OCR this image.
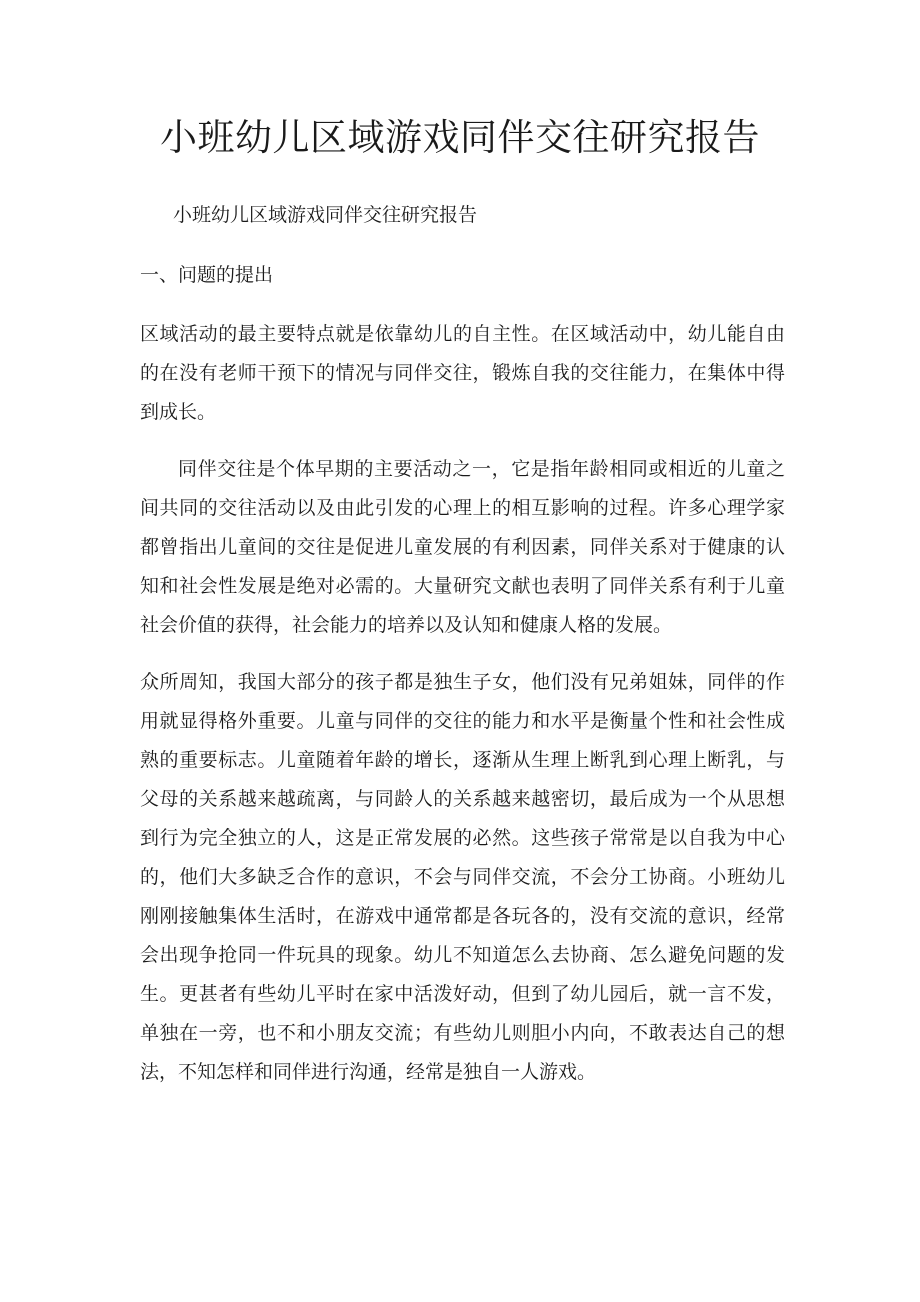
小班幼儿区域游戏同伴交往研究报告

小班幼儿区域游戏同伴交往研究报告

一、问题的提出

区域活动的最主要特点就是依靠幼儿的自主性。在区域活动中，幼儿能自由的在没有老师干预下的情况与同伴交往，锻炼自我的交往能力，在集体中得到成长。

同伴交往是个体早期的主要活动之一，它是指年龄相同或相近的儿童之间共同的交往活动以及由此引发的心理上的相互影响的过程。许多心理学家都曾指出儿童间的交往是促进儿童发展的有利因素，同伴关系对于健康的认知和社会性发展是绝对必需的。大量研究文献也表明了同伴关系有利于儿童社会价值的获得，社会能力的培养以及认知和健康人格的发展。

众所周知，我国大部分的孩子都是独生子女，他们没有兄弟姐妹，同伴的作用就显得格外重要。儿童与同伴的交往的能力和水平是衡量个性和社会性成熟的重要标志。儿童随着年龄的增长，逐渐从生理上断乳到心理上断乳，与父母的关系越来越疏离，与同龄人的关系越来越密切，最后成为一个从思想到行为完全独立的人，这是正常发展的必然。这些孩子常常是以自我为中心的，他们大多缺乏合作的意识，不会与同伴交流，不会分工协商。小班幼儿刚刚接触集体生活时，在游戏中通常都是各玩各的，没有交流的意识，经常会出现争抢同一件玩具的现象。幼儿不知道怎么去协商、怎么避免问题的发生。更甚者有些幼儿平时在家中活泼好动，但到了幼儿园后，就一言不发，单独在一旁，也不和小朋友交流；有些幼儿则胆小内向，不敢表达自己的想法，不知怎样和同伴进行沟通，经常是独自一人游戏。
